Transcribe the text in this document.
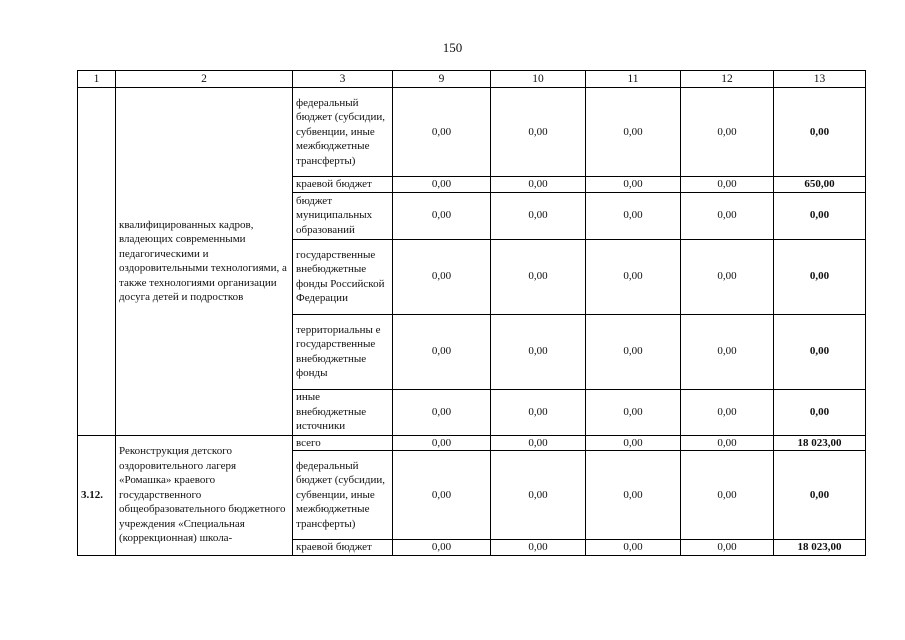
150
1	2	3	9	10	11	12	13
	квалифицированных кадров, владеющих современными педагогическими и оздоровительными технологиями, а также технологиями организации досуга детей и подростков	федеральный бюджет (субсидии, субвенции, иные межбюджетные трансферты)	0,00	0,00	0,00	0,00	0,00
		краевой бюджет	0,00	0,00	0,00	0,00	650,00
		бюджет муниципальных образований	0,00	0,00	0,00	0,00	0,00
		государственные внебюджетные фонды Российской Федерации	0,00	0,00	0,00	0,00	0,00
		территориальны е государственные внебюджетные фонды	0,00	0,00	0,00	0,00	0,00
		иные внебюджетные источники	0,00	0,00	0,00	0,00	0,00
3.12.	Реконструкция детского оздоровительного лагеря «Ромашка» краевого государственного общеобразовательного бюджетного учреждения «Специальная (коррекционная) школа-	всего	0,00	0,00	0,00	0,00	18 023,00
		федеральный бюджет (субсидии, субвенции, иные межбюджетные трансферты)	0,00	0,00	0,00	0,00	0,00
		краевой бюджет	0,00	0,00	0,00	0,00	18 023,00
